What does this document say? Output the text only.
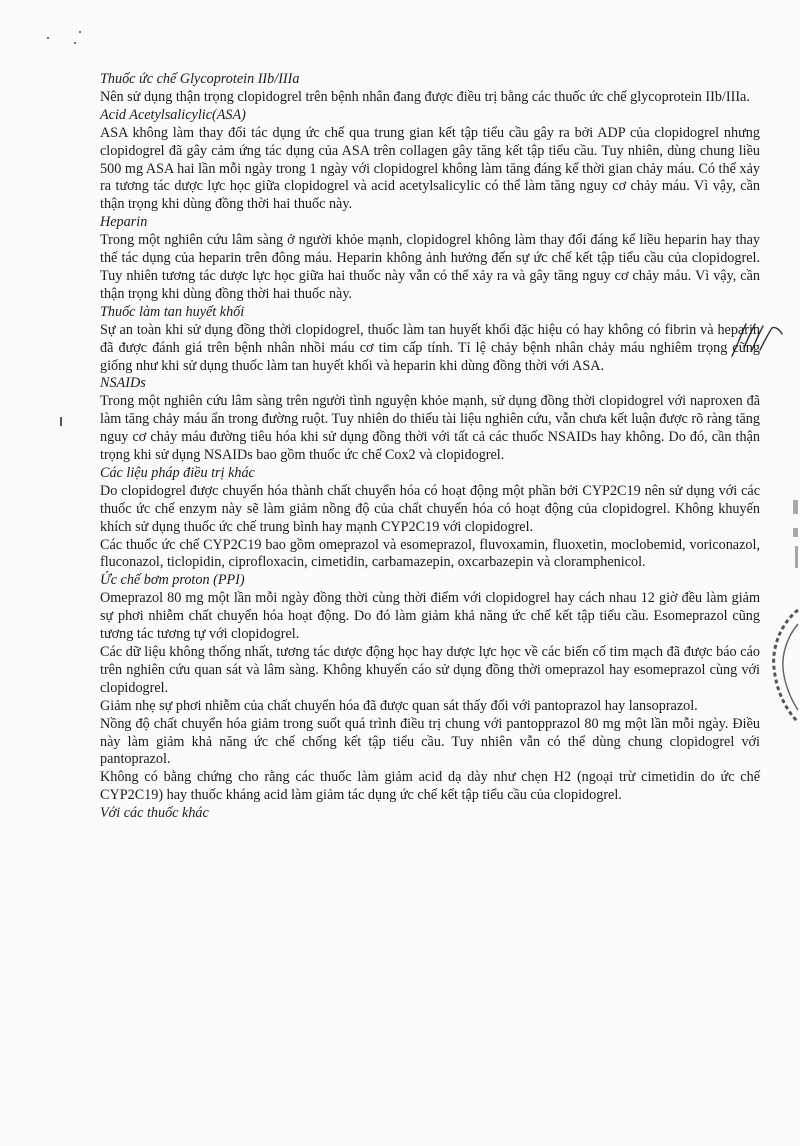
Thuốc ức chế Glycoprotein IIb/IIIa

Nên sử dụng thận trọng clopidogrel trên bệnh nhân đang được điều trị bằng các thuốc ức chế glycoprotein IIb/IIIa.

Acid Acetylsalicylic(ASA)

ASA không làm thay đổi tác dụng ức chế qua trung gian kết tập tiểu cầu gây ra bởi ADP của clopidogrel nhưng clopidogrel đã gây cảm ứng tác dụng của ASA trên collagen gây tăng kết tập tiểu cầu. Tuy nhiên, dùng chung liều 500 mg ASA hai lần mỗi ngày trong 1 ngày với clopidogrel không làm tăng đáng kể thời gian chảy máu. Có thể xảy ra tương tác dược lực học giữa clopidogrel và acid acetylsalicylic có thể làm tăng nguy cơ chảy máu. Vì vậy, cần thận trọng khi dùng đồng thời hai thuốc này.

Heparin

Trong một nghiên cứu lâm sàng ở người khỏe mạnh, clopidogrel không làm thay đổi đáng kể liều heparin hay thay thế tác dụng của heparin trên đông máu. Heparin không ảnh hưởng đến sự ức chế kết tập tiểu cầu của clopidogrel. Tuy nhiên tương tác dược lực học giữa hai thuốc này vẫn có thể xảy ra và gây tăng nguy cơ chảy máu. Vì vậy, cần thận trọng khi dùng đồng thời hai thuốc này.

Thuốc làm tan huyết khối

Sự an toàn khi sử dụng đồng thời clopidogrel, thuốc làm tan huyết khối đặc hiệu có hay không có fibrin và heparin đã được đánh giá trên bệnh nhân nhồi máu cơ tim cấp tính. Tỉ lệ chảy bệnh nhân chảy máu nghiêm trọng cũng giống như khi sử dụng thuốc làm tan huyết khối và heparin khi dùng đồng thời với ASA.

NSAIDs

Trong một nghiên cứu lâm sàng trên người tình nguyện khỏe mạnh, sử dụng đồng thời clopidogrel với naproxen đã làm tăng chảy máu ẩn trong đường ruột. Tuy nhiên do thiếu tài liệu nghiên cứu, vẫn chưa kết luận được rõ ràng tăng nguy cơ chảy máu đường tiêu hóa khi sử dụng đồng thời với tất cả các thuốc NSAIDs hay không. Do đó, cần thận trọng khi sử dụng NSAIDs bao gồm thuốc ức chế Cox2 và clopidogrel.

Các liệu pháp điều trị khác

Do clopidogrel được chuyển hóa thành chất chuyển hóa có hoạt động một phần bởi CYP2C19 nên sử dụng với các thuốc ức chế enzym này sẽ làm giảm nồng độ của chất chuyển hóa có hoạt động của clopidogrel. Không khuyến khích sử dụng thuốc ức chế trung bình hay mạnh CYP2C19 với clopidogrel.

Các thuốc ức chế CYP2C19 bao gồm omeprazol và esomeprazol, fluvoxamin, fluoxetin, moclobemid, voriconazol, fluconazol, ticlopidin, ciprofloxacin, cimetidin, carbamazepin, oxcarbazepin và cloramphenicol.

Ức chế bơm proton (PPI)

Omeprazol 80 mg một lần mỗi ngày đồng thời cùng thời điểm với clopidogrel hay cách nhau 12 giờ đều làm giảm sự phơi nhiễm chất chuyển hóa hoạt động. Do đó làm giảm khả năng ức chế kết tập tiểu cầu. Esomeprazol cũng tương tác tương tự với clopidogrel.

Các dữ liệu không thống nhất, tương tác dược động học hay dược lực học về các biến cố tim mạch đã được báo cáo trên nghiên cứu quan sát và lâm sàng. Không khuyến cáo sử dụng đồng thời omeprazol hay esomeprazol cùng với clopidogrel.

Giảm nhẹ sự phơi nhiễm của chất chuyển hóa đã được quan sát thấy đối với pantoprazol hay lansoprazol.

Nồng độ chất chuyển hóa giảm trong suốt quá trình điều trị chung với pantopprazol 80 mg một lần mỗi ngày. Điều này làm giảm khả năng ức chế chống kết tập tiểu cầu. Tuy nhiên vẫn có thể dùng chung clopidogrel với pantoprazol.

Không có bằng chứng cho rằng các thuốc làm giảm acid dạ dày như chẹn H2 (ngoại trừ cimetidin do ức chế CYP2C19) hay thuốc kháng acid làm giảm tác dụng ức chế kết tập tiểu cầu của clopidogrel.

Với các thuốc khác
